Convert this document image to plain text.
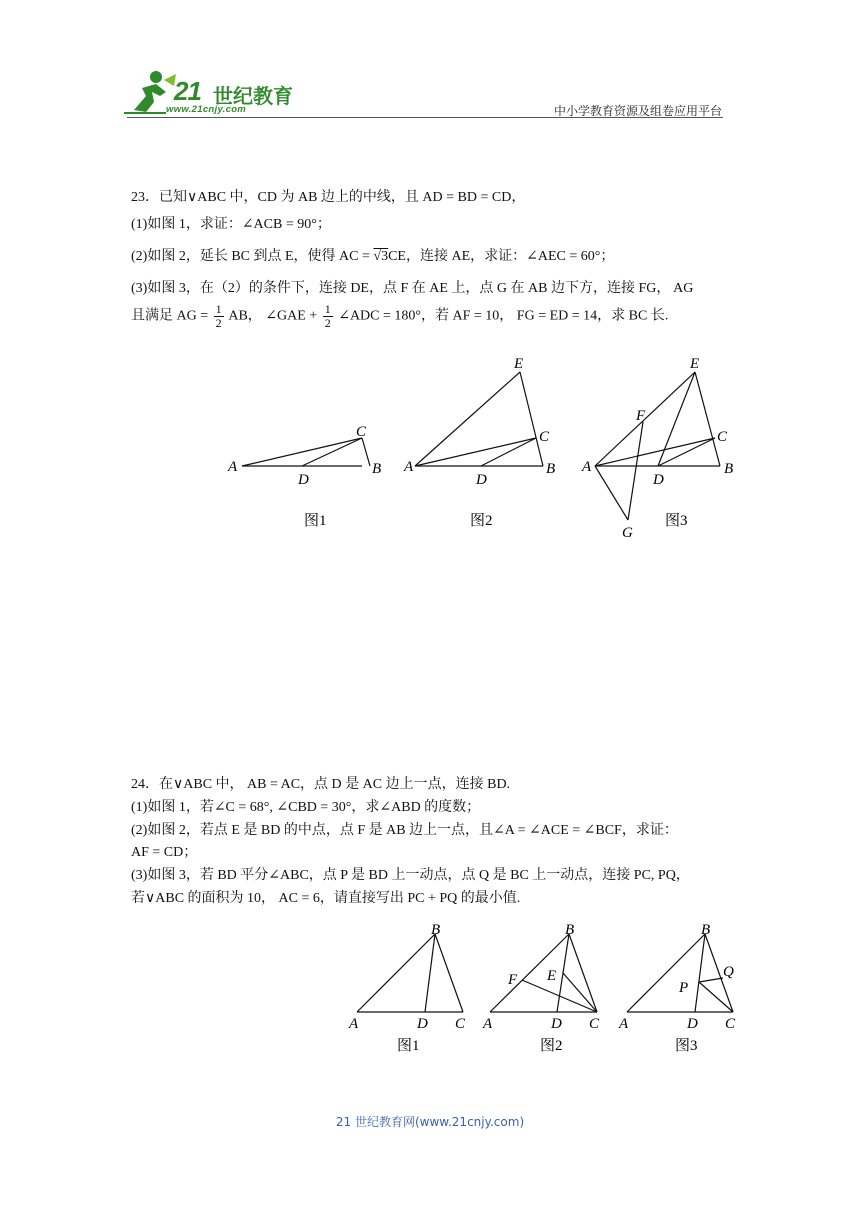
21 世纪教育
www.21cnjy.com	中小学教育资源及组卷应用平台
23．已知∨ABC 中，CD 为 AB 边上的中线，且 AD = BD = CD，
(1)如图 1，求证：∠ACB = 90°；
(2)如图 2，延长 BC 到点 E，使得 AC = √3CE，连接 AE，求证：∠AEC = 60°；
(3)如图 3，在（2）的条件下，连接 DE，点 F 在 AE 上，点 G 在 AB 边下方，连接 FG， AG
且满足 AG = $\frac{1}{2}$ AB， ∠GAE + $\frac{1}{2}$ ∠ADC = 180°，若 AF = 10， FG = ED = 14，求 BC 长.
A	B
C
D
图1
A	B
C
D
E
图2
A	B
C
D
E
F
G
图3
24．在∨ABC 中， AB = AC，点 D 是 AC 边上一点，连接 BD.
(1)如图 1，若∠C = 68°, ∠CBD = 30°，求∠ABD 的度数；
(2)如图 2，若点 E 是 BD 的中点，点 F 是 AB 边上一点，且∠A = ∠ACE = ∠BCF，求证：
AF = CD；
(3)如图 3，若 BD 平分∠ABC，点 P 是 BD 上一动点，点 Q 是 BC 上一动点，连接 PC, PQ，
若∨ABC 的面积为 10， AC = 6，请直接写出 PC + PQ 的最小值.
A
B
C
D
图1
A
B
C
D
E
F
图2
A
B
C
D
P
Q
图3
21 世纪教育网(www.21cnjy.com)
